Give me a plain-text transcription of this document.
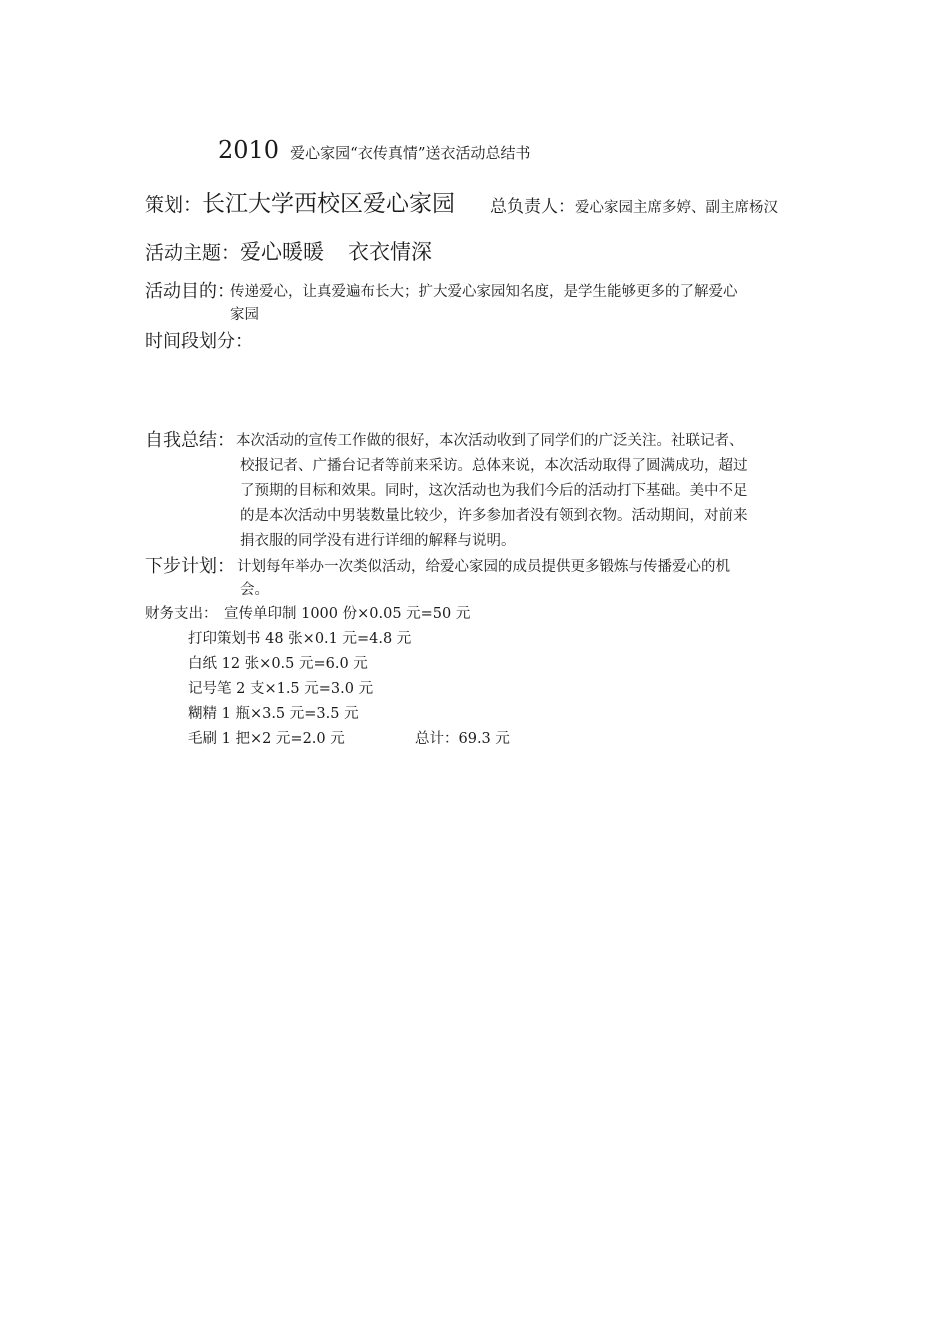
2010 爱心家园“衣传真情”送衣活动总结书
策划：长江大学西校区爱心家园 总负责人：爱心家园主席多婷、副主席杨汉
活动主题：爱心暖暖 衣衣情深
活动目的：
传递爱心，让真爱遍布长大；扩大爱心家园知名度，是学生能够更多的了解爱心
家园
时间段划分：
自我总结： 本次活动的宣传工作做的很好，本次活动收到了同学们的广泛关注。社联记者、
校报记者、广播台记者等前来采访。总体来说，本次活动取得了圆满成功，超过
了预期的目标和效果。同时，这次活动也为我们今后的活动打下基础。美中不足
的是本次活动中男装数量比较少，许多参加者没有领到衣物。活动期间，对前来
捐衣服的同学没有进行详细的解释与说明。
下步计划： 计划每年举办一次类似活动，给爱心家园的成员提供更多锻炼与传播爱心的机
会。
财务支出： 宣传单印制 1000 份×0.05 元=50 元
打印策划书 48 张×0.1 元=4.8 元
白纸 12 张×0.5 元=6.0 元
记号笔 2 支×1.5 元=3.0 元
糊精 1 瓶×3.5 元=3.5 元
毛刷 1 把×2 元=2.0 元	总计：69.3 元
